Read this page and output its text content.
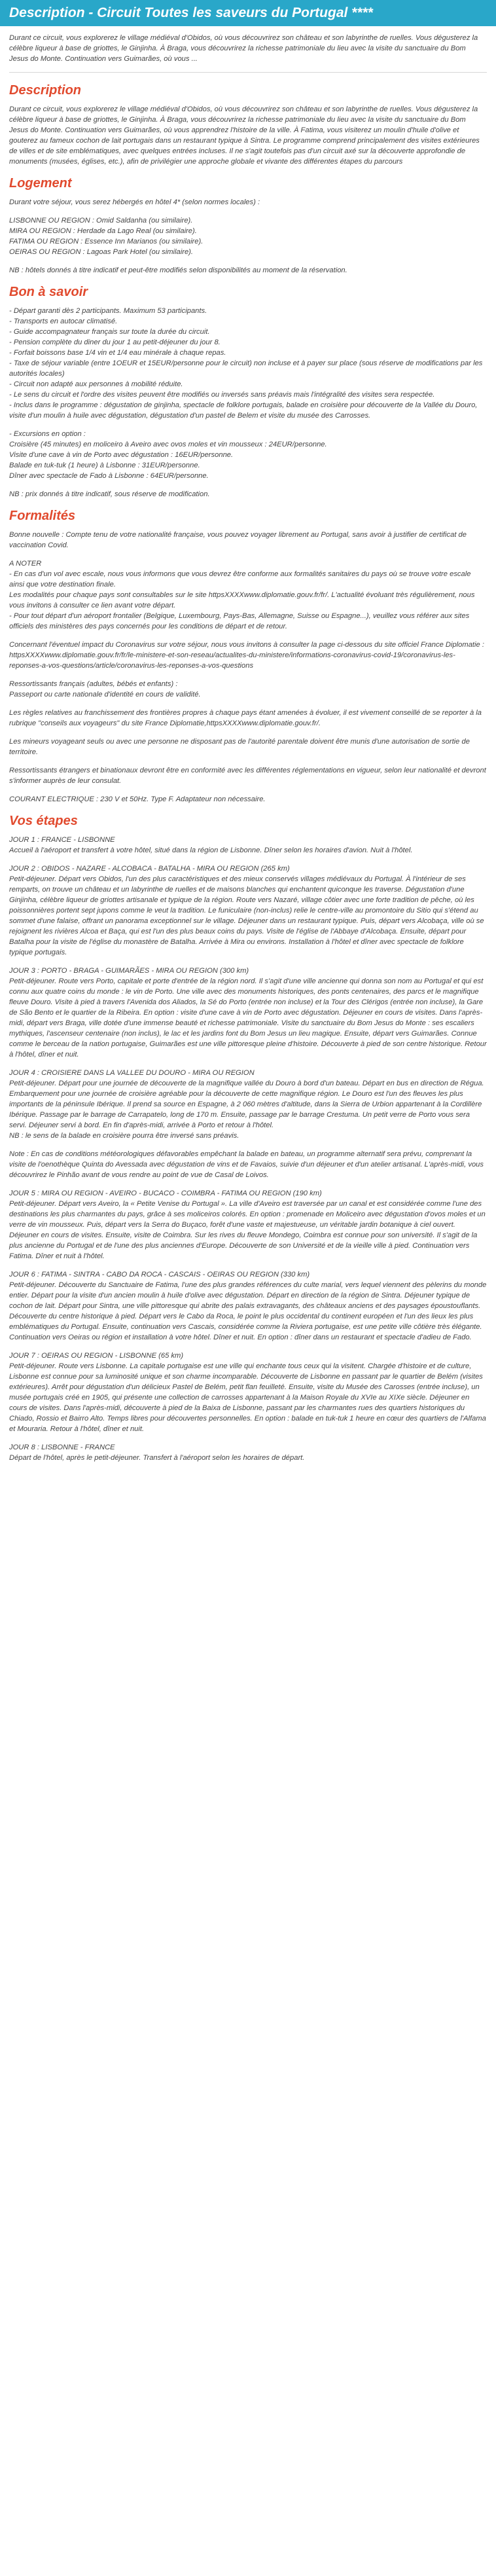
Description - Circuit Toutes les saveurs du Portugal ****

Durant ce circuit, vous explorerez le village médiéval d'Obidos, où vous découvrirez son château et son labyrinthe de ruelles. Vous dégusterez la célèbre liqueur à base de griottes, le Ginjinha. À Braga, vous découvrirez la richesse patrimoniale du lieu avec la visite du sanctuaire du Bom Jesus do Monte. Continuation vers Guimarães, où vous ...

Description

Durant ce circuit, vous explorerez le village médiéval d'Obidos, où vous découvrirez son château et son labyrinthe de ruelles. Vous dégusterez la célèbre liqueur à base de griottes, le Ginjinha. À Braga, vous découvrirez la richesse patrimoniale du lieu avec la visite du sanctuaire du Bom Jesus do Monte. Continuation vers Guimarães, où vous apprendrez l'histoire de la ville. À Fatima, vous visiterez un moulin d'huile d'olive et gouterez au fameux cochon de lait portugais dans un restaurant typique à Sintra. Le programme comprend principalement des visites extérieures de villes et de site emblématiques, avec quelques entrées incluses. Il ne s'agit toutefois pas d'un circuit axé sur la découverte approfondie de monuments (musées, églises, etc.), afin de privilégier une approche globale et vivante des différentes étapes du parcours

Logement

Durant votre séjour, vous serez hébergés en hôtel 4* (selon normes locales) :

LISBONNE OU REGION : Omid Saldanha (ou similaire).
MIRA OU REGION : Herdade da Lago Real (ou similaire).
FATIMA OU REGION : Essence Inn Marianos (ou similaire).
OEIRAS OU REGION : Lagoas Park Hotel (ou similaire).

NB : hôtels donnés à titre indicatif et peut-être modifiés selon disponibilités au moment de la réservation.

Bon à savoir

- Départ garanti dès 2 participants. Maximum 53 participants.
- Transports en autocar climatisé.
- Guide accompagnateur français sur toute la durée du circuit.
- Pension complète du diner du jour 1 au petit-déjeuner du jour 8.
- Forfait boissons base 1/4 vin et 1/4 eau minérale à chaque repas.
- Taxe de séjour variable (entre 1OEUR et 15EUR/personne pour le circuit) non incluse et à payer sur place (sous réserve de modifications par les autorités locales)
- Circuit non adapté aux personnes à mobilité réduite.
- Le sens du circuit et l'ordre des visites peuvent être modifiés ou inversés sans préavis mais l'intégralité des visites sera respectée.
- Inclus dans le programme : dégustation de ginjinha, spectacle de folklore portugais, balade en croisière pour découverte de la Vallée du Douro, visite d'un moulin à huile avec dégustation, dégustation d'un pastel de Belem et visite du musée des Carrosses.

- Excursions en option :
Croisière (45 minutes) en moliceiro à Aveiro avec ovos moles et vin mousseux : 24EUR/personne.
Visite d'une cave à vin de Porto avec dégustation : 16EUR/personne.
Balade en tuk-tuk (1 heure) à Lisbonne : 31EUR/personne.
Dîner avec spectacle de Fado à Lisbonne : 64EUR/personne.

NB : prix donnés à titre indicatif, sous réserve de modification.

Formalités

Bonne nouvelle : Compte tenu de votre nationalité française, vous pouvez voyager librement au Portugal, sans avoir à justifier de certificat de vaccination Covid.

A NOTER
- En cas d'un vol avec escale, nous vous informons que vous devrez être conforme aux formalités sanitaires du pays où se trouve votre escale ainsi que votre destination finale.
Les modalités pour chaque pays sont consultables sur le site httpsXXXXwww.diplomatie.gouv.fr/fr/. L'actualité évoluant très régulièrement, nous vous invitons à consulter ce lien avant votre départ.
- Pour tout départ d'un aéroport frontalier (Belgique, Luxembourg, Pays-Bas, Allemagne, Suisse ou Espagne...), veuillez vous référer aux sites officiels des ministères des pays concernés pour les conditions de départ et de retour.

Concernant l'éventuel impact du Coronavirus sur votre séjour, nous vous invitons à consulter la page ci-dessous du site officiel France Diplomatie :
httpsXXXXwww.diplomatie.gouv.fr/fr/le-ministere-et-son-reseau/actualites-du-ministere/informations-coronavirus-covid-19/coronavirus-les-reponses-a-vos-questions/article/coronavirus-les-reponses-a-vos-questions

Ressortissants français (adultes, bébés et enfants) :
Passeport ou carte nationale d'identité en cours de validité.

Les règles relatives au franchissement des frontières propres à chaque pays étant amenées à évoluer, il est vivement conseillé de se reporter à la rubrique "conseils aux voyageurs" du site France Diplomatie,httpsXXXXwww.diplomatie.gouv.fr/.

Les mineurs voyageant seuls ou avec une personne ne disposant pas de l'autorité parentale doivent être munis d'une autorisation de sortie de territoire.

Ressortissants étrangers et binationaux devront être en conformité avec les différentes réglementations en vigueur, selon leur nationalité et devront s'informer auprès de leur consulat.

COURANT ELECTRIQUE : 230 V et 50Hz. Type F. Adaptateur non nécessaire.

Vos étapes

JOUR 1 : FRANCE - LISBONNE
Accueil à l'aéroport et transfert à votre hôtel, situé dans la région de Lisbonne. Dîner selon les horaires d'avion. Nuit à l'hôtel.

JOUR 2 : OBIDOS - NAZARE - ALCOBACA - BATALHA - MIRA OU REGION (265 km)
Petit-déjeuner. Départ vers Obidos, l'un des plus caractéristiques et des mieux conservés villages médiévaux du Portugal. À l'intérieur de ses remparts, on trouve un château et un labyrinthe de ruelles et de maisons blanches qui enchantent quiconque les traverse. Dégustation d'une Ginjinha, célèbre liqueur de griottes artisanale et typique de la région. Route vers Nazaré, village côtier avec une forte tradition de pêche, où les poissonnières portent sept jupons comme le veut la tradition. Le funiculaire (non-inclus) relie le centre-ville au promontoire du Sitio qui s'étend au sommet d'une falaise, offrant un panorama exceptionnel sur le village. Déjeuner dans un restaurant typique. Puis, départ vers Alcobaça, ville où se rejoignent les rivières Alcoa et Baça, qui est l'un des plus beaux coins du pays. Visite de l'église de l'Abbaye d'Alcobaça. Ensuite, départ pour Batalha pour la visite de l'église du monastère de Batalha. Arrivée à Mira ou environs. Installation à l'hôtel et dîner avec spectacle de folklore typique portugais.

JOUR 3 : PORTO - BRAGA - GUIMARÃES - MIRA OU REGION (300 km)
Petit-déjeuner. Route vers Porto, capitale et porte d'entrée de la région nord. Il s'agit d'une ville ancienne qui donna son nom au Portugal et qui est connu aux quatre coins du monde : le vin de Porto. Une ville avec des monuments historiques, des ponts centenaires, des parcs et le magnifique fleuve Douro. Visite à pied à travers l'Avenida dos Aliados, la Sé do Porto (entrée non incluse) et la Tour des Clérigos (entrée non incluse), la Gare de São Bento et le quartier de la Ribeira. En option : visite d'une cave à vin de Porto avec dégustation. Déjeuner en cours de visites. Dans l'après-midi, départ vers Braga, ville dotée d'une immense beauté et richesse patrimoniale. Visite du sanctuaire du Bom Jesus do Monte : ses escaliers mythiques, l'ascenseur centenaire (non inclus), le lac et les jardins font du Bom Jesus un lieu magique. Ensuite, départ vers Guimarães. Connue comme le berceau de la nation portugaise, Guimarães est une ville pittoresque pleine d'histoire. Découverte à pied de son centre historique. Retour à l'hôtel, dîner et nuit.

JOUR 4 : CROISIERE DANS LA VALLEE DU DOURO - MIRA OU REGION
Petit-déjeuner. Départ pour une journée de découverte de la magnifique vallée du Douro à bord d'un bateau. Départ en bus en direction de Régua. Embarquement pour une journée de croisière agréable pour la découverte de cette magnifique région. Le Douro est l'un des fleuves les plus importants de la péninsule Ibérique. Il prend sa source en Espagne, à 2 060 mètres d'altitude, dans la Sierra de Urbion appartenant à la Cordillère Ibérique. Passage par le barrage de Carrapatelo, long de 170 m. Ensuite, passage par le barrage Crestuma. Un petit verre de Porto vous sera servi. Déjeuner servi à bord. En fin d'après-midi, arrivée à Porto et retour à l'hôtel.
NB : le sens de la balade en croisière pourra être inversé sans préavis.

Note : En cas de conditions météorologiques défavorables empêchant la balade en bateau, un programme alternatif sera prévu, comprenant la visite de l'oenothèque Quinta do Avessada avec dégustation de vins et de Favaios, suivie d'un déjeuner et d'un atelier artisanal. L'après-midi, vous découvrirez le Pinhão avant de vous rendre au point de vue de Casal de Loivos.

JOUR 5 : MIRA OU REGION - AVEIRO - BUCACO - COIMBRA - FATIMA OU REGION (190 km)
Petit-déjeuner. Départ vers Aveiro, la « Petite Venise du Portugal ». La ville d'Aveiro est traversée par un canal et est considérée comme l'une des destinations les plus charmantes du pays, grâce à ses moliceiros colorés. En option : promenade en Moliceiro avec dégustation d'ovos moles et un verre de vin mousseux. Puis, départ vers la Serra do Buçaco, forêt d'une vaste et majestueuse, un véritable jardin botanique à ciel ouvert. Déjeuner en cours de visites. Ensuite, visite de Coimbra. Sur les rives du fleuve Mondego, Coimbra est connue pour son université. Il s'agit de la plus ancienne du Portugal et de l'une des plus anciennes d'Europe. Découverte de son Université et de la vieille ville à pied. Continuation vers Fatima. Dîner et nuit à l'hôtel.

JOUR 6 : FATIMA - SINTRA - CABO DA ROCA - CASCAIS - OEIRAS OU REGION (330 km)
Petit-déjeuner. Découverte du Sanctuaire de Fatima, l'une des plus grandes références du culte marial, vers lequel viennent des pèlerins du monde entier. Départ pour la visite d'un ancien moulin à huile d'olive avec dégustation. Départ en direction de la région de Sintra. Déjeuner typique de cochon de lait. Départ pour Sintra, une ville pittoresque qui abrite des palais extravagants, des châteaux anciens et des paysages époustouflants. Découverte du centre historique à pied. Départ vers le Cabo da Roca, le point le plus occidental du continent européen et l'un des lieux les plus emblématiques du Portugal. Ensuite, continuation vers Cascais, considérée comme la Riviera portugaise, est une petite ville côtière très élégante. Continuation vers Oeiras ou région et installation à votre hôtel. Dîner et nuit. En option : dîner dans un restaurant et spectacle d'adieu de Fado.

JOUR 7 : OEIRAS OU REGION - LISBONNE (65 km)
Petit-déjeuner. Route vers Lisbonne. La capitale portugaise est une ville qui enchante tous ceux qui la visitent. Chargée d'histoire et de culture, Lisbonne est connue pour sa luminosité unique et son charme incomparable. Découverte de Lisbonne en passant par le quartier de Belém (visites extérieures). Arrêt pour dégustation d'un délicieux Pastel de Belém, petit flan feuilleté. Ensuite, visite du Musée des Carosses (entrée incluse), un musée portugais créé en 1905, qui présente une collection de carrosses appartenant à la Maison Royale du XVIe au XIXe siècle. Déjeuner en cours de visites. Dans l'après-midi, découverte à pied de la Baixa de Lisbonne, passant par les charmantes rues des quartiers historiques du Chiado, Rossio et Bairro Alto. Temps libres pour découvertes personnelles. En option : balade en tuk-tuk 1 heure en cœur des quartiers de l'Alfama et Mouraria. Retour à l'hôtel, dîner et nuit.

JOUR 8 : LISBONNE - FRANCE
Départ de l'hôtel, après le petit-déjeuner. Transfert à l'aéroport selon les horaires de départ.
